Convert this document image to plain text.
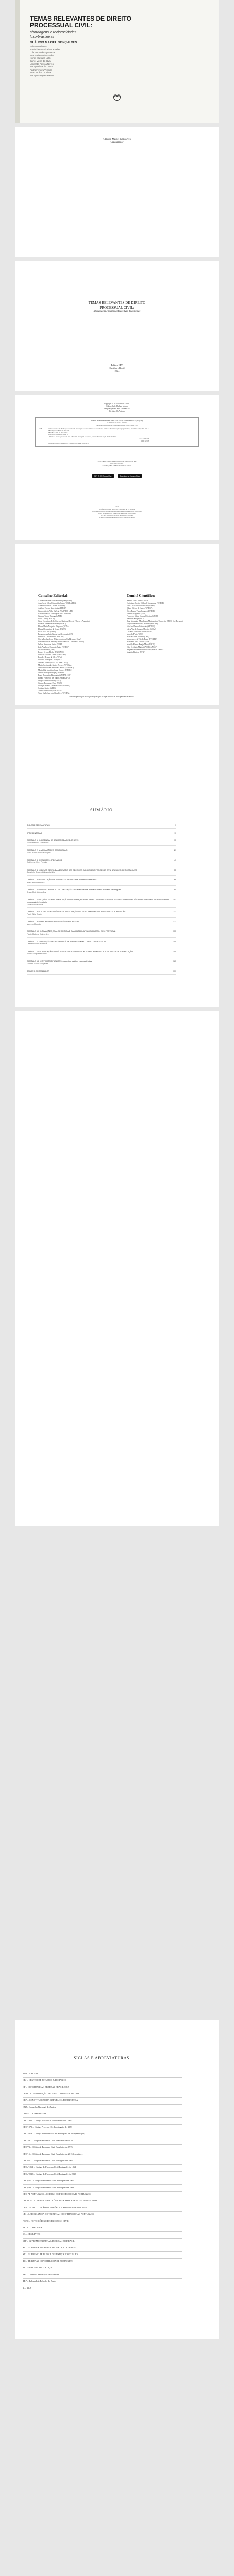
TEMAS RELEVANTES DE DIREITO PROCESSUAL CIVIL:
abordagens e reciprocidades
luso-brasileiras
GLÁUCIO MACIEL GONÇALVES
Fabiano Palhares
José Alberto Andrade Carvalho
Luís Fernando Sgarbossa
Ana Maria Maria da Silva
Nunes Marques Neto
Daniel Vieira da Silva
Leonardo Pessoa Neves
Rodrigo Alves da Costa
Pedro Ferreira Ventura
Ana Carolina da Silva
Rodrigo Sampaio Martins
CRV
Gláucio Maciel Gonçalves
(Organizador)
TEMAS RELEVANTES DE DIREITO
PROCESSUAL CIVIL:
abordagens e reciprocidades luso-brasileiras
Editora CRV
Curitiba – Brasil
2024
Copyright © da Editora CRV Ltda.
Editor-chefe: Railson Moura
Diagramação e Capa: Editora CRV
Revisão: Os Autores
DADOS INTERNACIONAIS DE CATALOGAÇÃO NA PUBLICAÇÃO (CIP)
CATALOGAÇÃO NA FONTE
Bibliotecária responsável: Luzenira Alves dos Santos CRB9/1506
T278	Temas relevantes de direito processual civil: abordagens e reciprocidades luso-brasileiras / Gláucio Maciel Gonçalves (organizador). – Curitiba : CRV, 2024. 172 p.
ISBN Digital 978-65-251-6042-6
ISBN Físico 978-65-251-6040-2
DOI 10.24824/978652516040.2
1. Direito 2. Direito processual civil 3. Brasil 4. Portugal I. Gonçalves, Gláucio Maciel. org. II. Título III. Série.
CDU 347.91/.95
CDD 347.05
Índice para catálogo sistemático: 1. Direito processual civil 347.05
ESTA OBRA TAMBÉM ENCONTRA-SE DISPONÍVEL EM
FORMATO DIGITAL.
CONHEÇA E BAIXE NOSSO APLICATIVO!
GET IT ON Google Play	Download on the App Store
2024
Foi feito o depósito legal conf. Lei 10.994 de 14/12/2004
Proibida a reprodução parcial ou total desta obra sem autorização da Editora CRV
Todos os direitos desta edição reservados pela: Editora CRV
Tel.: (41) 3039-6418 - E-mail: sac@editoracrv.com.br
Conheça os nossos lançamentos: www.editoracrv.com.br
Conselho Editorial:
Aldira Guimarães Duarte Domínguez (UNB)
Andréia da Silva Quintanilha Sousa (UNIR/UFRN)
Anselmo Alencar Colares (UFOPA)
Antônio Pereira Gaio Júnior (UFRRJ)
Carlos Alberto Vilar Estêvão (UMINHO – PT)
Carlos Federico Dominguez Avila (Unieuro)
Carmen Tereza Velanga (UNIR)
Celso Conti (UFSCar)
Cesar Gerónimo Tello (Univer. Nacional Três de Febrero – Argentina)
Eduardo Fernandes Barbosa (UFMG)
Elione Maria Nogueira Diogenes (UFAL)
Elizeu Clementino de Souza (UNEB)
Élsio José Corá (UFFS)
Fernando Antônio Gonçalves Alcoforado (IPB)
Francisco Carlos Duarte (PUC-PR)
Gloria Fariñas León (Universidade de La Havana – Cuba)
Guillermo Arias Beatón (Universidade de La Havana – Cuba)
Jailson Alves dos Santos (UFRJ)
João Adalberto Campato Junior (UNESP)
Josania Portela (UFPI)
Leonel Severo Rocha (UNISINOS)
Lídia de Oliveira Xavier (UNIEURO)
Lourdes Helena da Silva (UFV)
Luciano Rodrigues Costa (UFV)
Marcelo Paixão (UFRJ e UTexas – US)
Maria Cristina dos Santos Bezerra (UFSCar)
Maria de Lourdes Pinto de Almeida (UNOESC)
Maria Lília Imbiriba Sousa Colares (UFOPA)
Mariah Rodrigues Fogaça de Melo
Paulo Romualdo Hernandes (UNIFAL-MG)
Renato Francisco dos Santos Paula (UFG)
Sérgio Nunes de Jesus (IFRO)
Simone Rodrigues Pinto (UNB)
Solange Helena Ximenes-Rocha (UFOPA)
Sydione Santos (UEPG)
Tadeu Oliver Gonçalves (UFPA)
Tania Suely Azevedo Brasileiro (UFOPA)
Comitê Científico:
Andrea Vieira Zanella (UFSC)
Christiane Carrijo Eckhardt Mouammar (UNESP)
Edna Lúcia Tinoco Ponciano (UERJ)
Edson Olivari de Castro (UNESP)
Érico Bruno Viana Campos (UNESP)
Fauston Negreiros (UFPI)
Francisco Nilton Gomes Oliveira (UFSM)
Helmuth Krüger (UCP)
Ilana Mountian (Manchester Metropolitan University, MMU, Grã-Bretanha)
Jacqueline de Oliveira Moreira (PUC-SP)
João Ivo Xavier Guimarães (UFRGS)
Lúcia Vaz de Campos Moreira (UCSal)
Luciana Gonçalves Nunes (UFMT)
Marcelo Porto (UEG)
Marcia Alves Tassinari (USU)
Maria Alves de Toledo Bruns (FFCLRP)
Mariana Lopez Teixeira (UFSC)
Monilly Ramos Araujo Melo (UFCG)
Olga Ceciliato Mattioli (ASSIS/UNESP)
Regina Célia Faria Amaro Giora (MACKENZIE)
Virgínia Kastrup (UFRJ)
Este livro passou por avaliação e aprovação às cegas de dois ou mais pareceristas ad hoc.
SUMÁRIO
SIGLAS E ABREVIATURAS	9
APRESENTAÇÃO	11
CAPÍTULO 1 · INCIDÊNCIA DE SOLIDARIEDADE DOS BENS
Flávio Barbosa Guimarães
13
CAPÍTULO 2 · A MEDIAÇÃO E A CONCILIAÇÃO
Maria Isabel da Silva Borges
29
CAPÍTULO 3 · RECURSOS ORDINÁRIOS
Guilherme Alves Ferreira
41
CAPÍTULO 4 · O DEVER DE FUNDAMENTAÇÃO DAS DECISÕES JUDICIAIS NO PROCESSO CIVIL BRASILEIRO E PORTUGUÊS
Agostinho Segura Velloso da Silva
55
CAPÍTULO 5 · RESTITUIÇÃO PROVISÓRIA DA POSSE: uma análise luso-brasileira
Ana Carolina Ferreira
69
CAPÍTULO 6 · O LITISCONSÓRCIO E A COLIGAÇÃO: uma análise sobre a ótica do direito brasileiro e Português
Bruno Diniz Guimarães
85
CAPÍTULO 7 · NOÇÕES DE FUNDAMENTAÇÃO DA SENTENÇA E A DOUTRINA DOS PRECEDENTES NO DIREITO PORTUGUÊS: breves reflexões a luz do novo direito processual civil brasileiro
Gilberto Silva Paiva
101
CAPÍTULO 8 · A TUTELA DA EVIDÊNCIA E A ANTECIPAÇÃO DE TUTELA NO DIREITO BRASILEIRO E PORTUGUÊS
Paulo Silva Castro
113
CAPÍTULO 9 · O PODER-DEVER DE GESTÃO PROCESSUAL
Marcelo Monteiro
123
CAPÍTULO 10 · INTIMAÇÕES, ANÁLISE CRÍTICA E SUAS ALTERNATIVAS NO BRASIL E EM PORTUGAL
Flávio Barbosa Guimarães
133
CAPÍTULO 11 · DISTINÇÃO ENTRE MEDIAÇÃO E ARBITRAGEM NO DIREITO PROCESSUAL
Leandro Nunes Barbosa
145
CAPÍTULO 12 · A APLICAÇÃO DO CÓDIGO DE PROCESSO CIVIL NOS PROCEDIMENTOS JUDICIAIS DE INTERPRETAÇÃO
Juliana Nogueira Bastos
155
CAPÍTULO 13 · CONTRATOS PÚBLICOS: conceitos, conflitos e competências
Gláucio Maciel Gonçalves
163
SOBRE O ORGANIZADOR	171
SIGLAS E ABREVIATURAS
ART – ARTIGO
CEJ – CENTRO DE ESTUDOS JUDICIÁRIOS
CF – CONSTITUIÇÃO FEDERAL BRASILEIRA
CF/88 – CONSTITUIÇÃO FEDERAL DO BRASIL DE 1988
CRP – CONSTITUIÇÃO DA REPÚBLICA PORTUGUESA
CNJ – Conselho Nacional de Justiça
CONS – CONSUMIDOR
CPC/1961 – Código Processo Civil brasileiro de 1961
CPC/1973 – Código Processo Civil português de 1973
CPC/2013 – Código de Processo Civil Português de 2013 (em vigor)
CPC/39 – Código de Processo Civil Brasileiro de 1939
CPC/73 – Código de Processo Civil Brasileiro de 1973
CPC/15 – Código de Processo Civil Brasileiro de 2015 (em vigor)
CPC/62 – Código de Processo Civil Português de 1962
CPCp/1961 – Código de Processo Civil Português de 1961
CPCp/2013 – Código de Processo Civil Português de 2013
CPCp/61 – Código de Processo Civil Português de 1961
CPCp/98 – Código de Processo Civil Português de 1998
CPC-PT PORTUGUÊS – CÓDIGO DE PROCESSO CIVIL PORTUGUÊS
CPCBr E CPC BRASILEIRO – CÓDIGO DE PROCESSO CIVIL BRASILEIRO
CRP – CONSTITUIÇÃO DA REPÚBLICA PORTUGUESA DE 1976
LEI – LEI ORGÂNICA DO TRIBUNAL CONSTITUCIONAL PORTUGUÊS
NCPC – NOVO CÓDIGO DE PROCESSO CIVIL
RELAT. – RELATOR
SS. – SEGUINTES
STF – SUPREMO TRIBUNAL FEDERAL DO BRASIL
STJ – SUPERIOR TRIBUNAL DE JUSTIÇA DO BRASIL
STJ – SUPREMO TRIBUNAL DE JUSTIÇA PORTUGUÊS
TC – TRIBUNAL CONSTITUCIONAL PORTUGUÊS
TJ – TRIBUNAL DE JUSTIÇA
TRC – Tribunal da Relação de Coimbra
TRP – Tribunal da Relação do Porto
V. – VER
